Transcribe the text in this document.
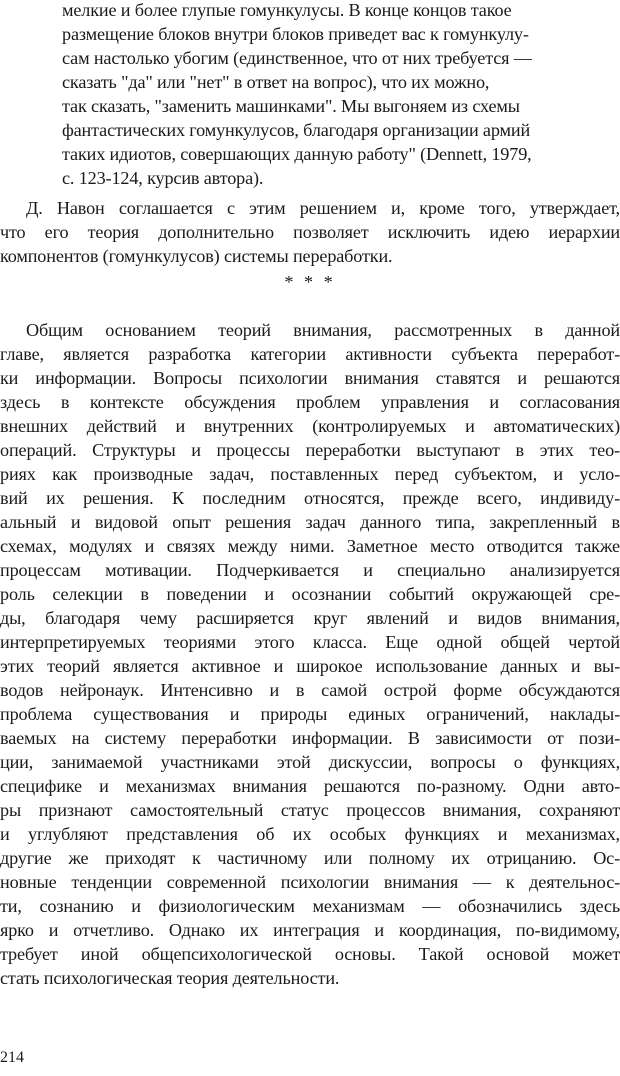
мелкие и более глупые гомункулусы. В конце концов такое
размещение блоков внутри блоков приведет вас к гомункулу-
сам настолько убогим (единственное, что от них требуется —
сказать "да" или "нет" в ответ на вопрос), что их можно,
так сказать, "заменить машинками". Мы выгоняем из схемы
фантастических гомункулусов, благодаря организации армий
таких идиотов, совершающих данную работу" (Dennett, 1979,
с. 123-124, курсив автора).
Д. Навон соглашается с этим решением и, кроме того, утверждает,
что его теория дополнительно позволяет исключить идею иерархии
компонентов (гомункулусов) системы переработки.
* * *
Общим основанием теорий внимания, рассмотренных в данной
главе, является разработка категории активности субъекта переработ-
ки информации. Вопросы психологии внимания ставятся и решаются
здесь в контексте обсуждения проблем управления и согласования
внешних действий и внутренних (контролируемых и автоматических)
операций. Структуры и процессы переработки выступают в этих тео-
риях как производные задач, поставленных перед субъектом, и усло-
вий их решения. К последним относятся, прежде всего, индивиду-
альный и видовой опыт решения задач данного типа, закрепленный в
схемах, модулях и связях между ними. Заметное место отводится также
процессам мотивации. Подчеркивается и специально анализируется
роль селекции в поведении и осознании событий окружающей сре-
ды, благодаря чему расширяется круг явлений и видов внимания,
интерпретируемых теориями этого класса. Еще одной общей чертой
этих теорий является активное и широкое использование данных и вы-
водов нейронаук. Интенсивно и в самой острой форме обсуждаются
проблема существования и природы единых ограничений, наклады-
ваемых на систему переработки информации. В зависимости от пози-
ции, занимаемой участниками этой дискуссии, вопросы о функциях,
специфике и механизмах внимания решаются по-разному. Одни авто-
ры признают самостоятельный статус процессов внимания, сохраняют
и углубляют представления об их особых функциях и механизмах,
другие же приходят к частичному или полному их отрицанию. Ос-
новные тенденции современной психологии внимания — к деятельнос-
ти, сознанию и физиологическим механизмам — обозначились здесь
ярко и отчетливо. Однако их интеграция и координация, по-видимому,
требует иной общепсихологической основы. Такой основой может
стать психологическая теория деятельности.
214
